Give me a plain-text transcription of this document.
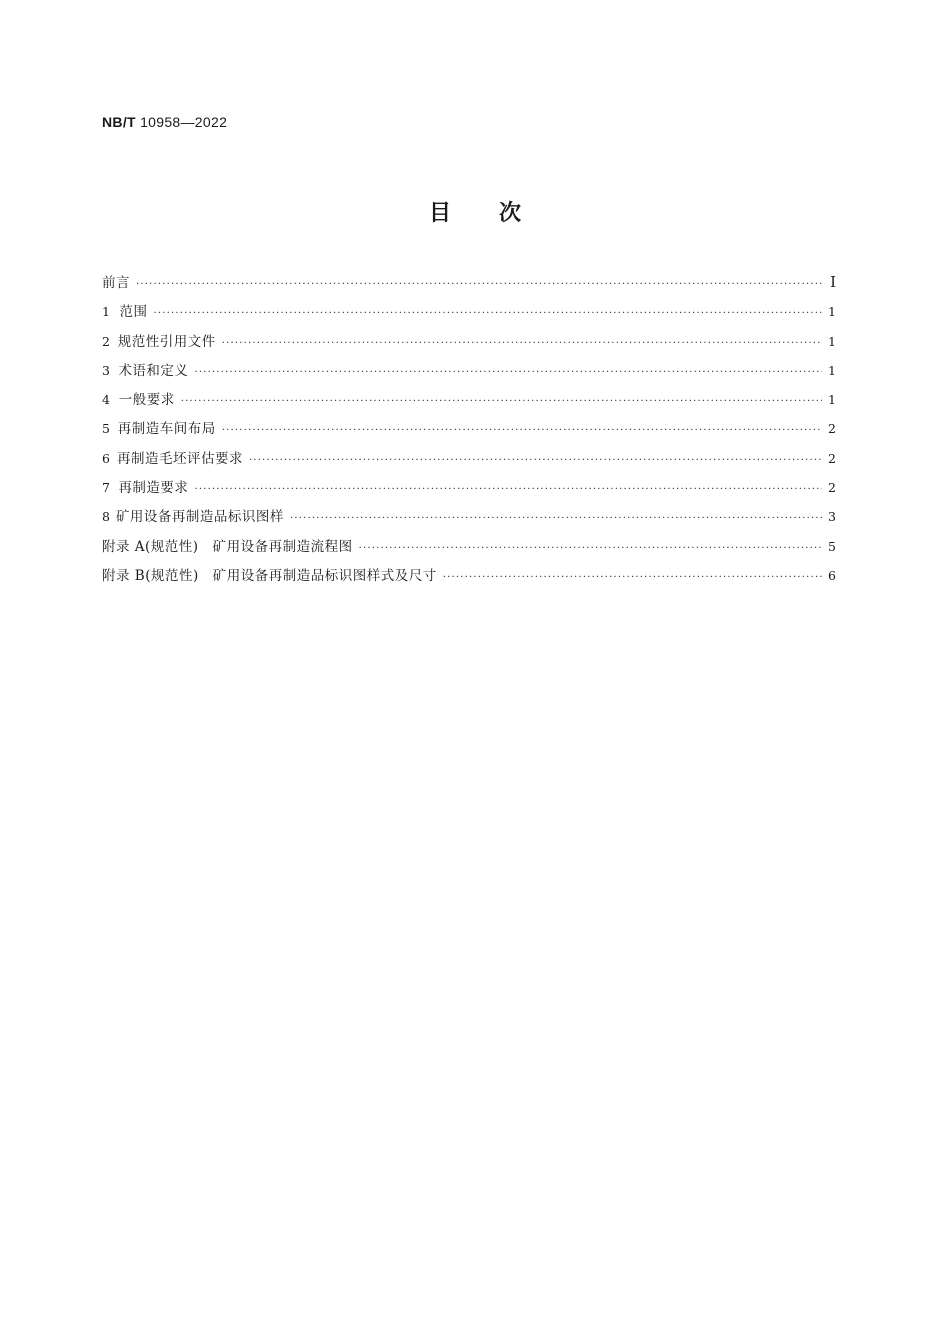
NB/T 10958—2022
目 次
前言 ·····	Ⅰ
1 范围 ·····	1
2 规范性引用文件 ·····	1
3 术语和定义 ·····	1
4 一般要求 ·····	1
5 再制造车间布局 ·····	2
6 再制造毛坯评估要求 ·····	2
7 再制造要求 ·····	2
8 矿用设备再制造品标识图样 ·····	3
附录 A(规范性)　矿用设备再制造流程图 ·····	5
附录 B(规范性)　矿用设备再制造品标识图样式及尺寸 ·····	6
